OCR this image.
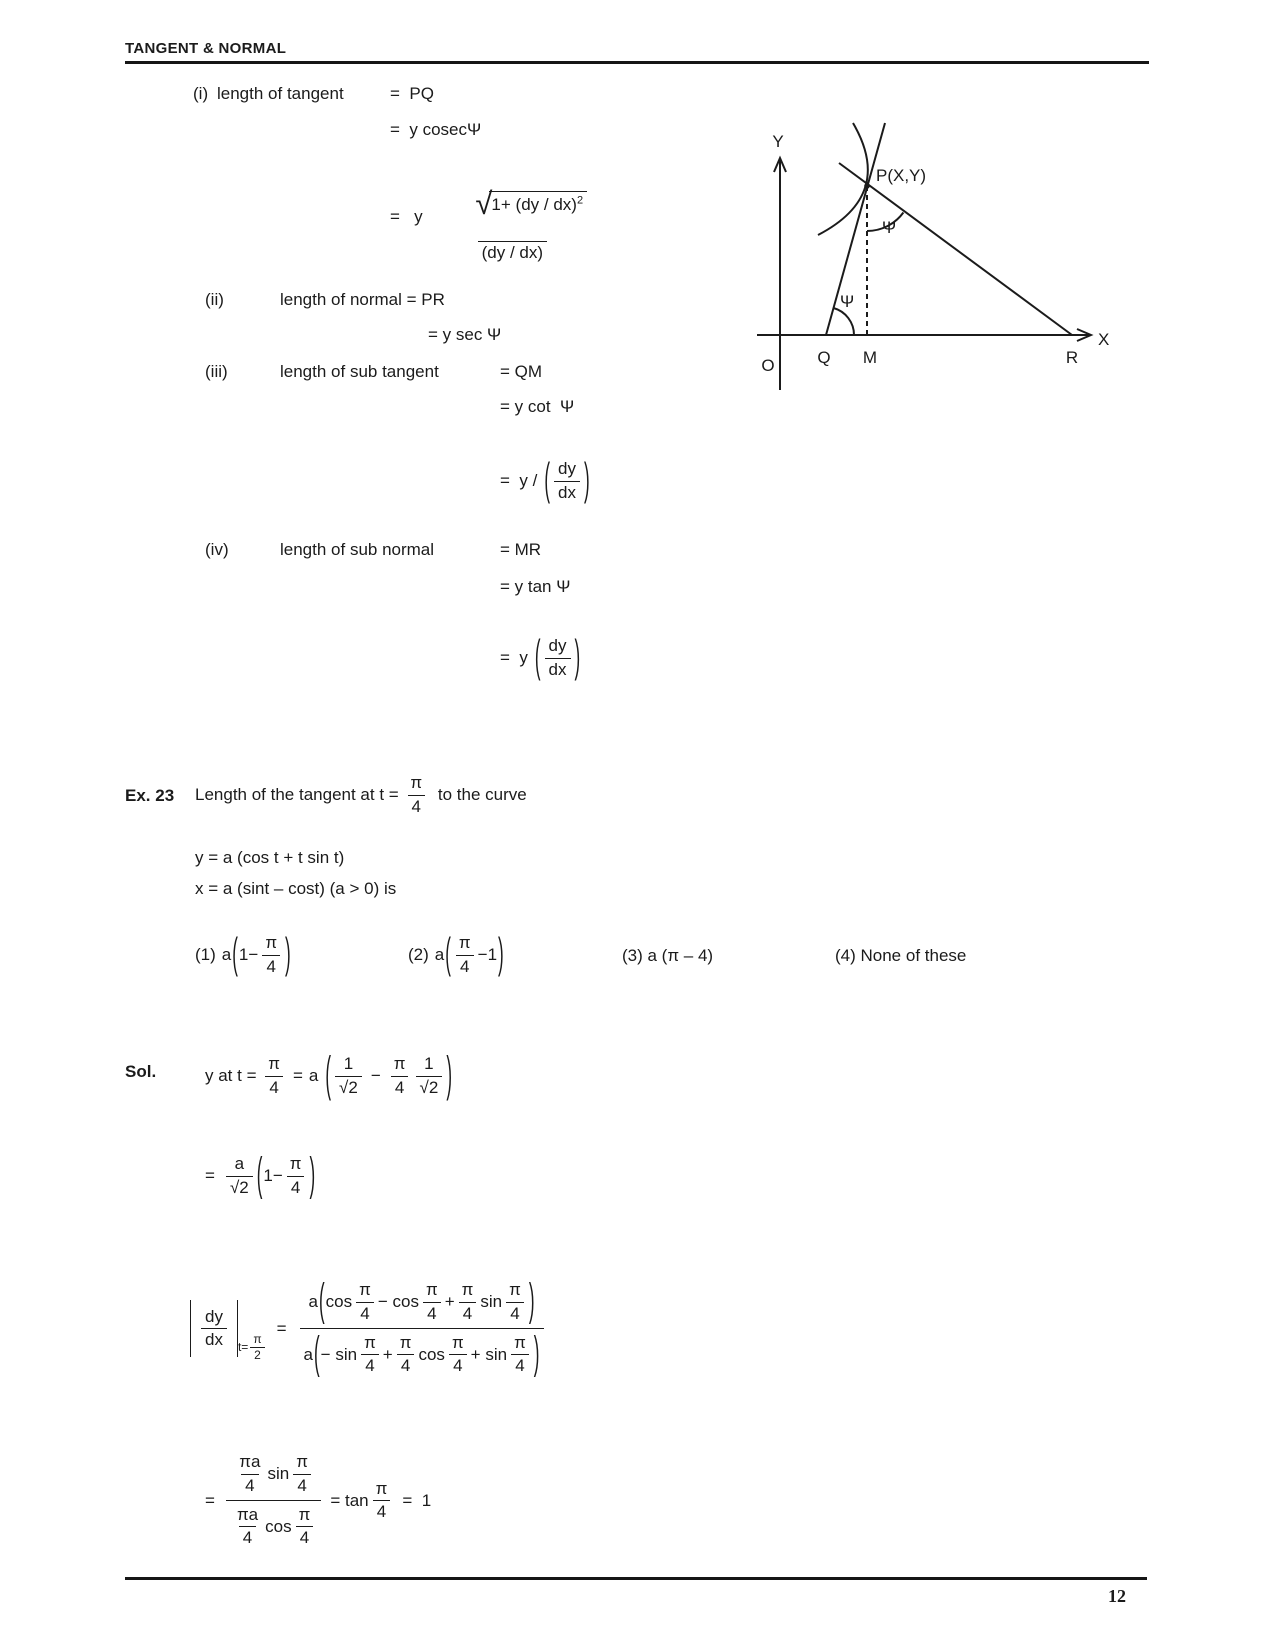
TANGENT & NORMAL
(i) length of tangent	=  PQ
=  y cosecΨ
=   y

$\frac{√ 1+ (dy / dx)^2}{(dy / dx)}$
Y
X
O	Q M	R
P(X,Y)
Ψ
Ψ
(ii)	length of normal = PR
= y sec Ψ
(iii)	length of sub tangent	= QM
= y cot  Ψ
=  y / ( $\frac{dy}{dx}$ )
(iv)	length of sub normal	= MR
= y tan Ψ
=  y ( $\frac{dy}{dx}$ )
Ex. 23 Length of the tangent at $t = \frac{\pi}{4}$ to the curve
y = a (cos t + t sin t)
x = a (sint – cost) (a > 0) is
(1) a ( $1- \frac{\pi}{4}$ )	(2) a ( $\frac{\pi}{4} -1$ )	(3) a (π – 4)	(4) None of these
Sol.	y at $t = \frac{\pi}{4} = a$ ( $\frac{1}{√2} - \frac{\pi}{4} \frac{1}{√2}$ )
= $\frac{a}{√2}$ ( $1- \frac{\pi}{4}$ )
$\frac{dy}{dx} t= \frac{\pi}{2}$
=
a ( $\cos \frac{\pi}{4} - \cos \frac{\pi}{4} + \frac{\pi}{4}$ $\sin \frac{\pi}{4}$ )
a ( − $\sin \frac{\pi}{4} + \frac{\pi}{4}$ $\cos \frac{\pi}{4} + \sin \frac{\pi}{4}$ )
= $\frac{\frac{\pi a}{4} \sin \frac{\pi}{4}}{\frac{\pi a}{4} \cos \frac{\pi}{4}} = \tan \frac{\pi}{4} = 1$
12
